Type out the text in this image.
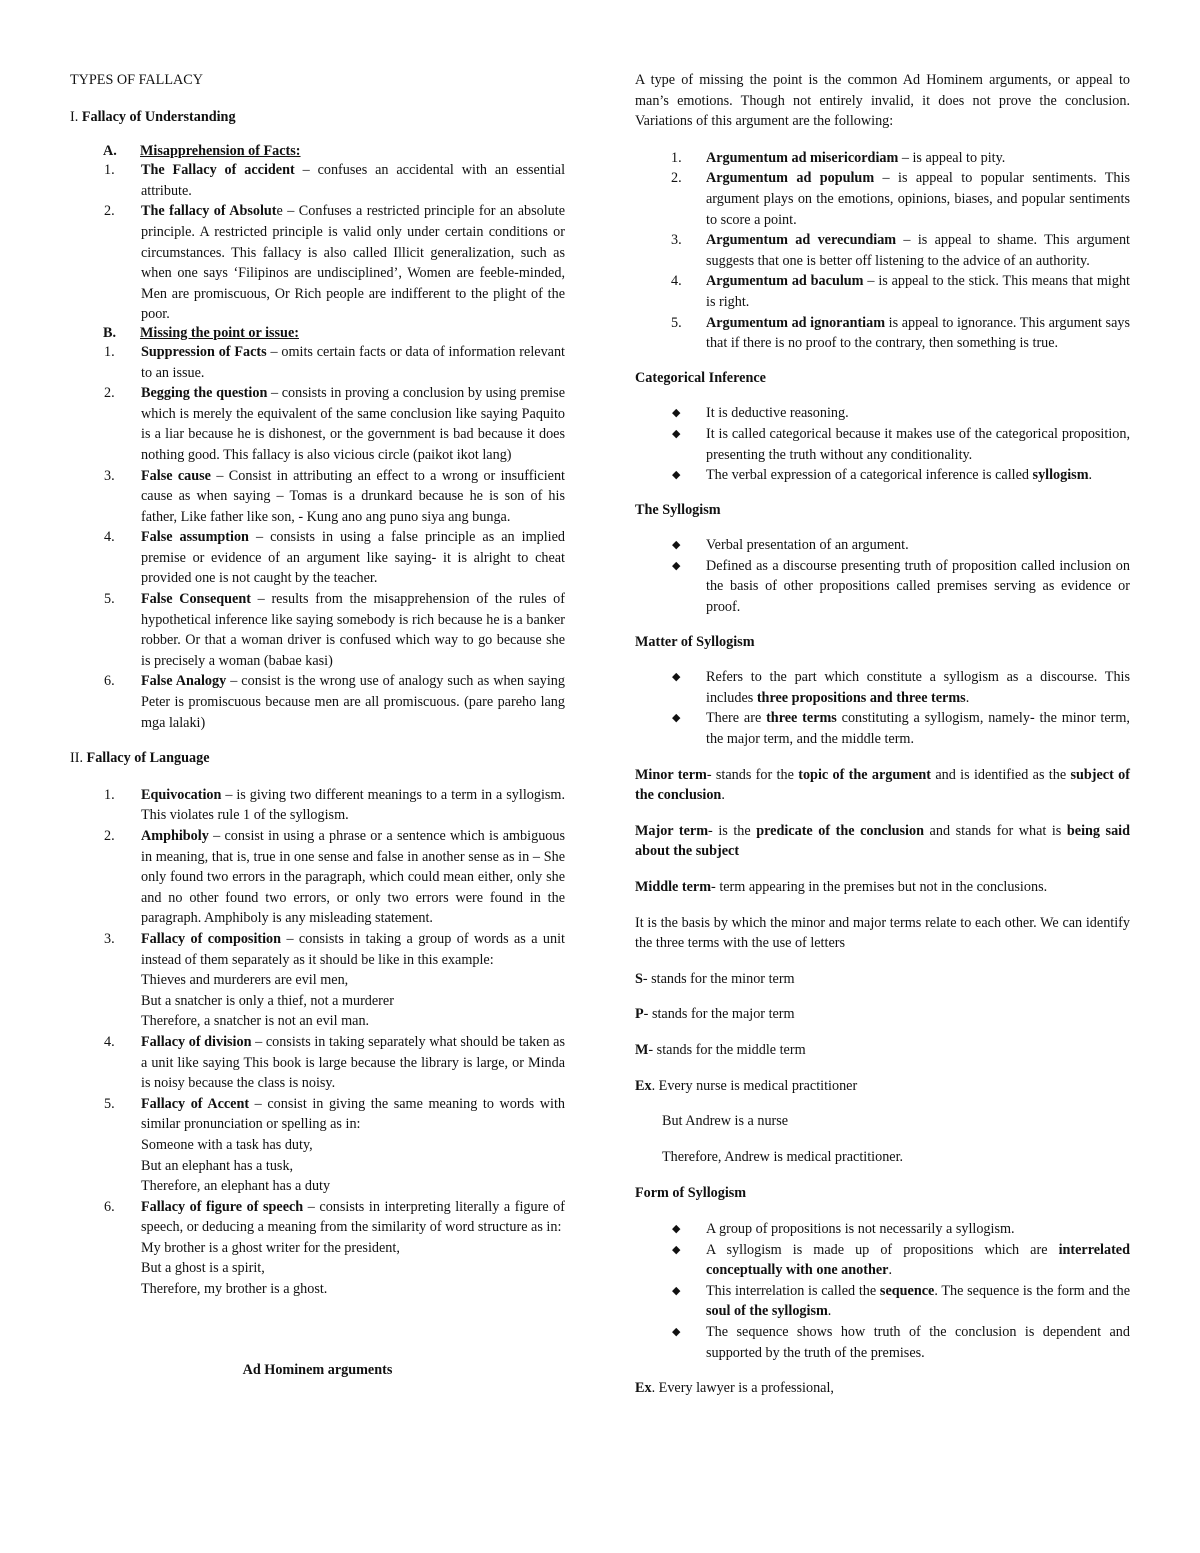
TYPES OF FALLACY

I. Fallacy of Understanding

A. Misapprehension of Facts:
1. The Fallacy of accident – confuses an accidental with an essential attribute.
2. The fallacy of Absolute – Confuses a restricted principle for an absolute principle. A restricted principle is valid only under certain conditions or circumstances. This fallacy is also called Illicit generalization, such as when one says ‘Filipinos are undisciplined’, Women are feeble-minded, Men are promiscuous, Or Rich people are indifferent to the plight of the poor.
B. Missing the point or issue:
1. Suppression of Facts – omits certain facts or data of information relevant to an issue.
2. Begging the question – consists in proving a conclusion by using premise which is merely the equivalent of the same conclusion like saying Paquito is a liar because he is dishonest, or the government is bad because it does nothing good. This fallacy is also vicious circle (paikot ikot lang)
3. False cause – Consist in attributing an effect to a wrong or insufficient cause as when saying – Tomas is a drunkard because he is son of his father, Like father like son, - Kung ano ang puno siya ang bunga.
4. False assumption – consists in using a false principle as an implied premise or evidence of an argument like saying- it is alright to cheat provided one is not caught by the teacher.
5. False Consequent – results from the misapprehension of the rules of hypothetical inference like saying somebody is rich because he is a banker robber. Or that a woman driver is confused which way to go because she is precisely a woman (babae kasi)
6. False Analogy – consist is the wrong use of analogy such as when saying Peter is promiscuous because men are all promiscuous. (pare pareho lang mga lalaki)

II. Fallacy of Language

1. Equivocation – is giving two different meanings to a term in a syllogism. This violates rule 1 of the syllogism.
2. Amphiboly – consist in using a phrase or a sentence which is ambiguous in meaning, that is, true in one sense and false in another sense as in – She only found two errors in the paragraph, which could mean either, only she and no other found two errors, or only two errors were found in the paragraph. Amphiboly is any misleading statement.
3. Fallacy of composition – consists in taking a group of words as a unit instead of them separately as it should be like in this example:
Thieves and murderers are evil men,
But a snatcher is only a thief, not a murderer
Therefore, a snatcher is not an evil man.
4. Fallacy of division – consists in taking separately what should be taken as a unit like saying This book is large because the library is large, or Minda is noisy because the class is noisy.
5. Fallacy of Accent – consist in giving the same meaning to words with similar pronunciation or spelling as in:
Someone with a task has duty,
But an elephant has a tusk,
Therefore, an elephant has a duty
6. Fallacy of figure of speech – consists in interpreting literally a figure of speech, or deducing a meaning from the similarity of word structure as in:
My brother is a ghost writer for the president,
But a ghost is a spirit,
Therefore, my brother is a ghost.

Ad Hominem arguments

A type of missing the point is the common Ad Hominem arguments, or appeal to man’s emotions. Though not entirely invalid, it does not prove the conclusion. Variations of this argument are the following:

1. Argumentum ad misericordiam – is appeal to pity.
2. Argumentum ad populum – is appeal to popular sentiments. This argument plays on the emotions, opinions, biases, and popular sentiments to score a point.
3. Argumentum ad verecundiam – is appeal to shame. This argument suggests that one is better off listening to the advice of an authority.
4. Argumentum ad baculum – is appeal to the stick. This means that might is right.
5. Argumentum ad ignorantiam is appeal to ignorance. This argument says that if there is no proof to the contrary, then something is true.

Categorical Inference

◆ It is deductive reasoning.
◆ It is called categorical because it makes use of the categorical proposition, presenting the truth without any conditionality.
◆ The verbal expression of a categorical inference is called syllogism.

The Syllogism

◆ Verbal presentation of an argument.
◆ Defined as a discourse presenting truth of proposition called inclusion on the basis of other propositions called premises serving as evidence or proof.

Matter of Syllogism

◆ Refers to the part which constitute a syllogism as a discourse. This includes three propositions and three terms.
◆ There are three terms constituting a syllogism, namely- the minor term, the major term, and the middle term.

Minor term- stands for the topic of the argument and is identified as the subject of the conclusion.

Major term- is the predicate of the conclusion and stands for what is being said about the subject

Middle term- term appearing in the premises but not in the conclusions.

It is the basis by which the minor and major terms relate to each other. We can identify the three terms with the use of letters

S- stands for the minor term

P- stands for the major term

M- stands for the middle term

Ex. Every nurse is medical practitioner

But Andrew is a nurse

Therefore, Andrew is medical practitioner.

Form of Syllogism

◆ A group of propositions is not necessarily a syllogism.
◆ A syllogism is made up of propositions which are interrelated conceptually with one another.
◆ This interrelation is called the sequence. The sequence is the form and the soul of the syllogism.
◆ The sequence shows how truth of the conclusion is dependent and supported by the truth of the premises.

Ex. Every lawyer is a professional,
